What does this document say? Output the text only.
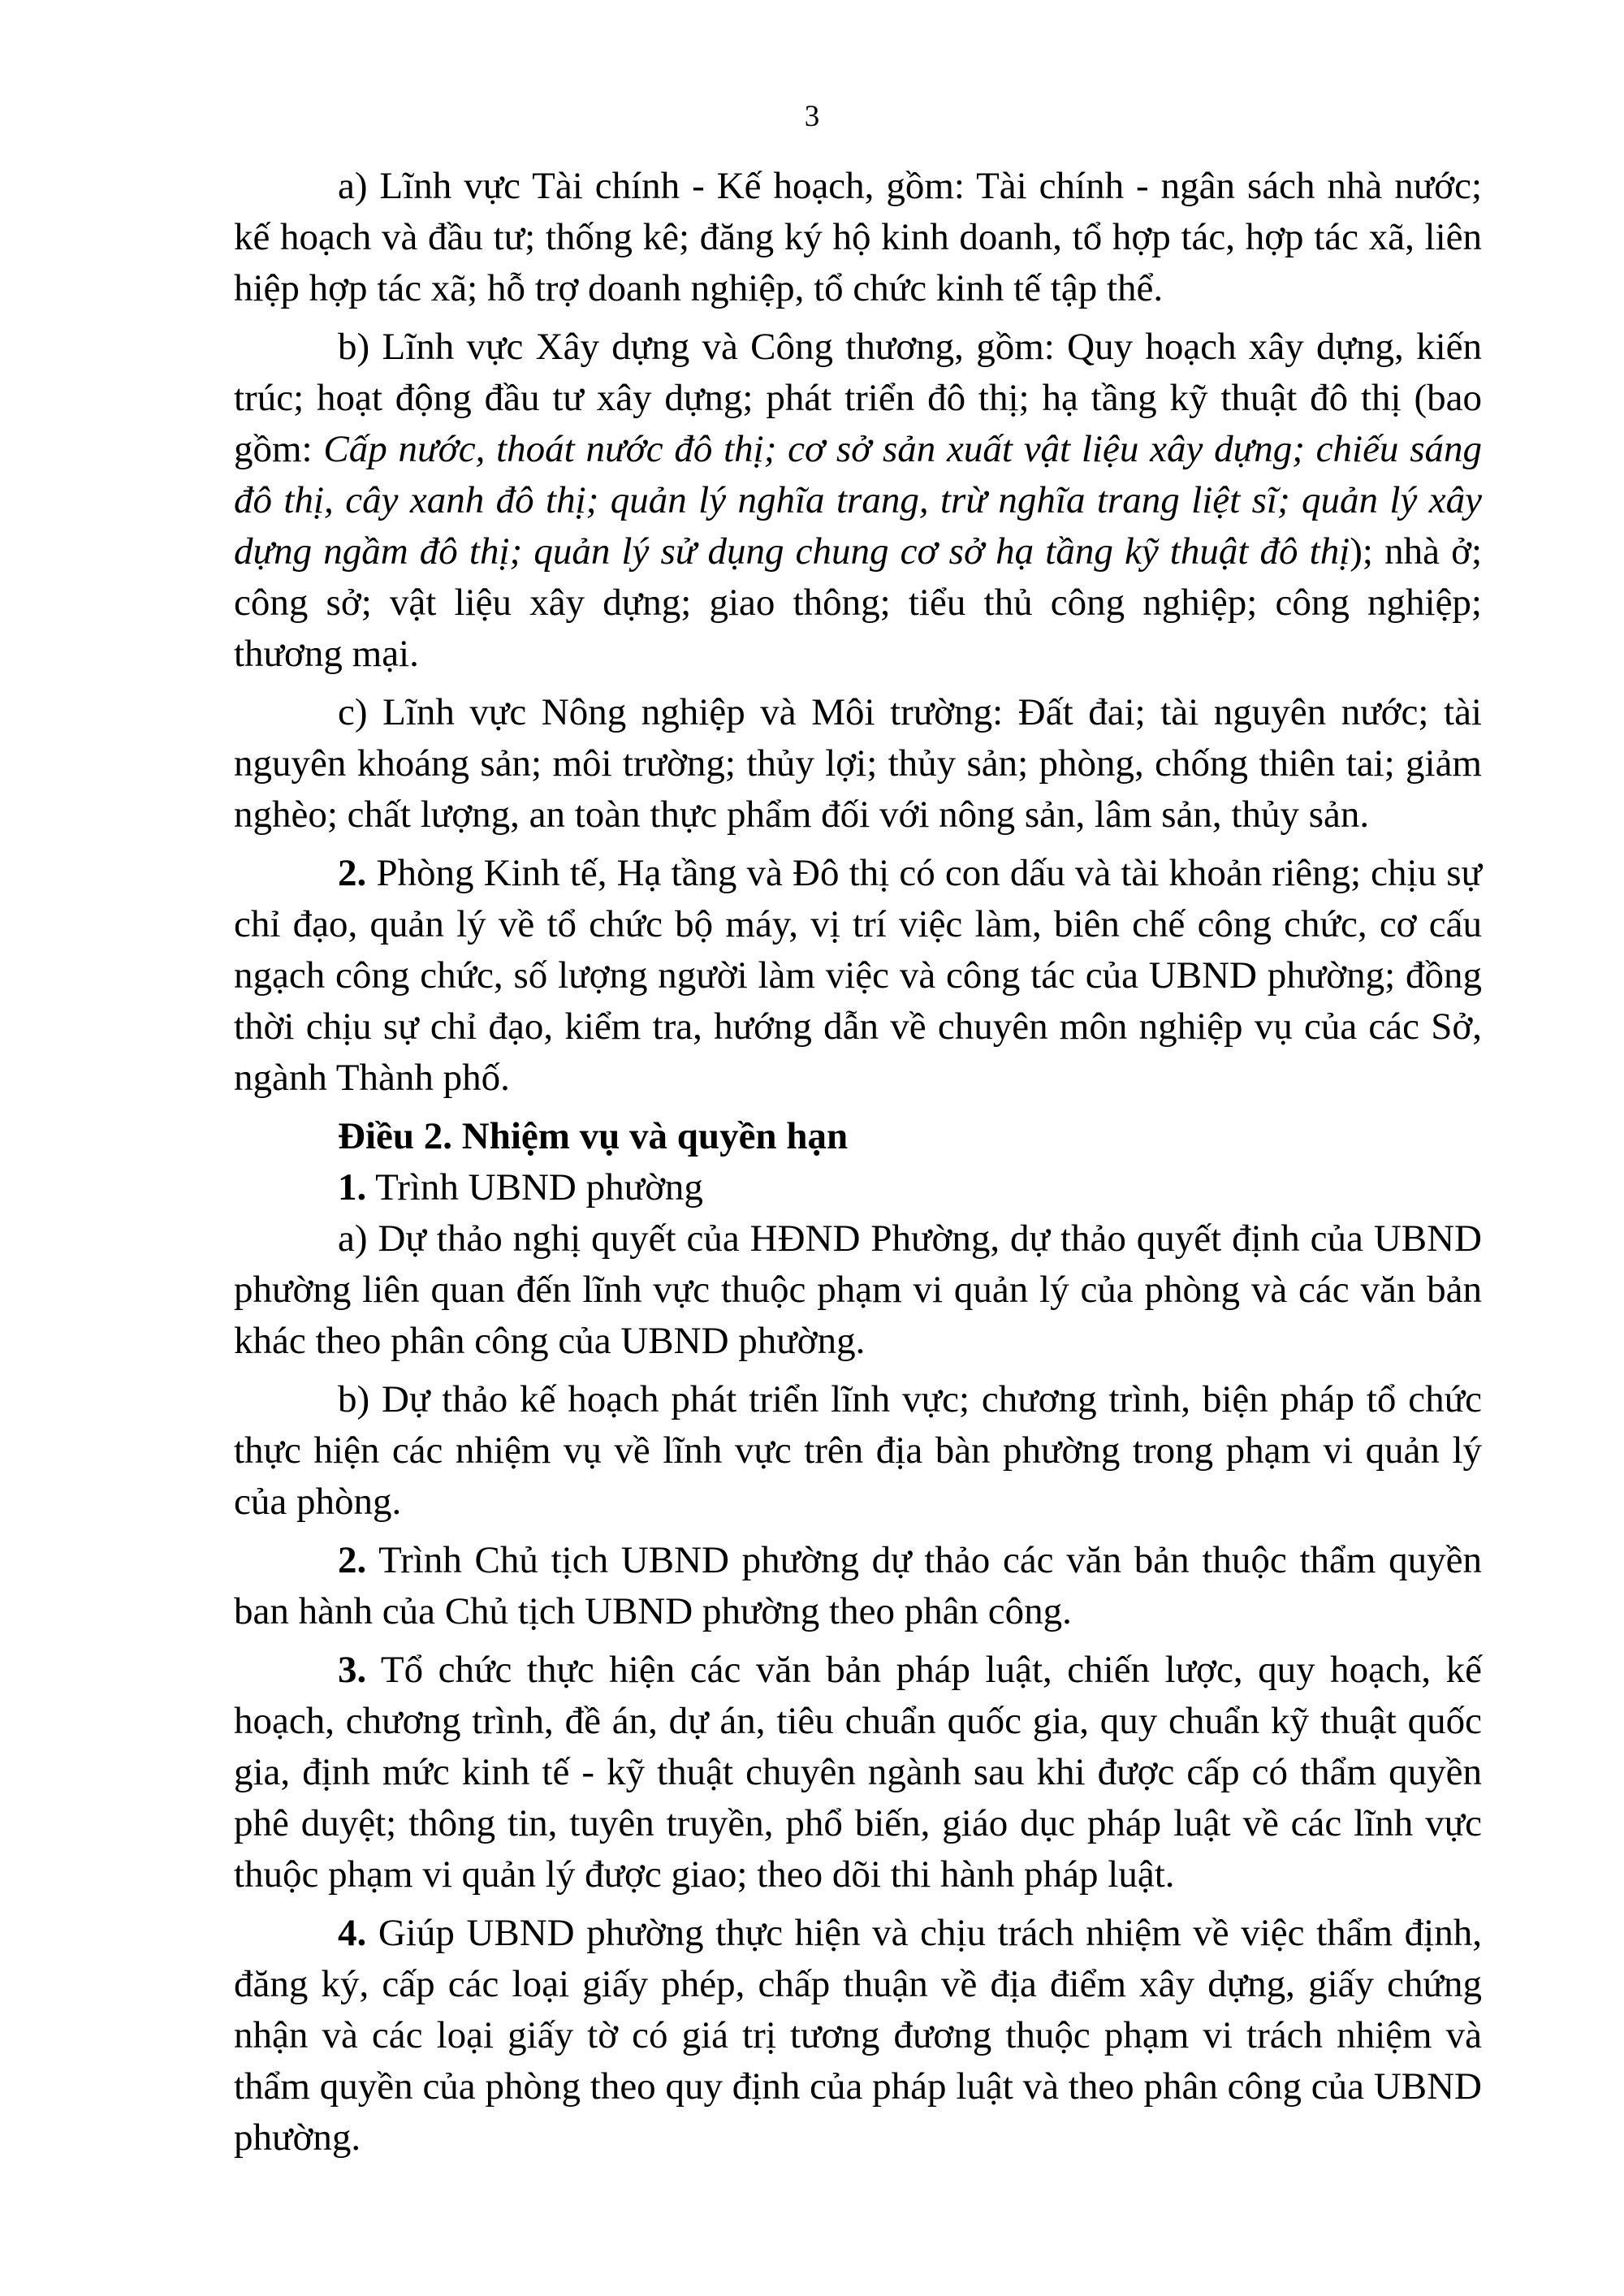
3

a) Lĩnh vực Tài chính - Kế hoạch, gồm: Tài chính - ngân sách nhà nước; kế hoạch và đầu tư; thống kê; đăng ký hộ kinh doanh, tổ hợp tác, hợp tác xã, liên hiệp hợp tác xã; hỗ trợ doanh nghiệp, tổ chức kinh tế tập thể.

b) Lĩnh vực Xây dựng và Công thương, gồm: Quy hoạch xây dựng, kiến trúc; hoạt động đầu tư xây dựng; phát triển đô thị; hạ tầng kỹ thuật đô thị (bao gồm: Cấp nước, thoát nước đô thị; cơ sở sản xuất vật liệu xây dựng; chiếu sáng đô thị, cây xanh đô thị; quản lý nghĩa trang, trừ nghĩa trang liệt sĩ; quản lý xây dựng ngầm đô thị; quản lý sử dụng chung cơ sở hạ tầng kỹ thuật đô thị); nhà ở; công sở; vật liệu xây dựng; giao thông; tiểu thủ công nghiệp; công nghiệp; thương mại.

c) Lĩnh vực Nông nghiệp và Môi trường: Đất đai; tài nguyên nước; tài nguyên khoáng sản; môi trường; thủy lợi; thủy sản; phòng, chống thiên tai; giảm nghèo; chất lượng, an toàn thực phẩm đối với nông sản, lâm sản, thủy sản.

2. Phòng Kinh tế, Hạ tầng và Đô thị có con dấu và tài khoản riêng; chịu sự chỉ đạo, quản lý về tổ chức bộ máy, vị trí việc làm, biên chế công chức, cơ cấu ngạch công chức, số lượng người làm việc và công tác của UBND phường; đồng thời chịu sự chỉ đạo, kiểm tra, hướng dẫn về chuyên môn nghiệp vụ của các Sở, ngành Thành phố.

Điều 2. Nhiệm vụ và quyền hạn

1. Trình UBND phường

a) Dự thảo nghị quyết của HĐND Phường, dự thảo quyết định của UBND phường liên quan đến lĩnh vực thuộc phạm vi quản lý của phòng và các văn bản khác theo phân công của UBND phường.

b) Dự thảo kế hoạch phát triển lĩnh vực; chương trình, biện pháp tổ chức thực hiện các nhiệm vụ về lĩnh vực trên địa bàn phường trong phạm vi quản lý của phòng.

2. Trình Chủ tịch UBND phường dự thảo các văn bản thuộc thẩm quyền ban hành của Chủ tịch UBND phường theo phân công.

3. Tổ chức thực hiện các văn bản pháp luật, chiến lược, quy hoạch, kế hoạch, chương trình, đề án, dự án, tiêu chuẩn quốc gia, quy chuẩn kỹ thuật quốc gia, định mức kinh tế - kỹ thuật chuyên ngành sau khi được cấp có thẩm quyền phê duyệt; thông tin, tuyên truyền, phổ biến, giáo dục pháp luật về các lĩnh vực thuộc phạm vi quản lý được giao; theo dõi thi hành pháp luật.

4. Giúp UBND phường thực hiện và chịu trách nhiệm về việc thẩm định, đăng ký, cấp các loại giấy phép, chấp thuận về địa điểm xây dựng, giấy chứng nhận và các loại giấy tờ có giá trị tương đương thuộc phạm vi trách nhiệm và thẩm quyền của phòng theo quy định của pháp luật và theo phân công của UBND phường.
